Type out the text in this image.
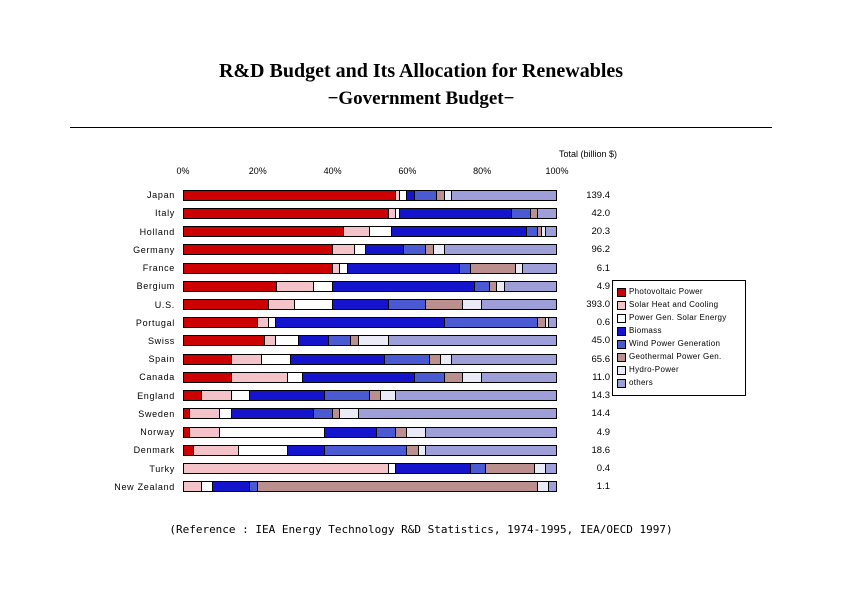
R&D Budget and Its Allocation for Renewables
−Government Budget−
Total (billion $)
0%	20%	40%	60%	80%	100%
Japan
Italy
Holland
Germany
France
Bergium
U.S.
Portugal
Swiss
Spain
Canada
England
Sweden
Norway
Denmark
Turky
New Zealand
139.4
42.0
20.3
96.2
6.1
4.9
393.0
0.6
45.0
65.6
11.0
14.3
14.4
4.9
18.6
0.4
1.1
Photovoltaic Power
Solar Heat and Cooling
Power Gen. Solar Energy
Biomass
Wind Power Generation
Geothermal Power Gen.
Hydro-Power
others
(Reference : IEA Energy Technology R&D Statistics, 1974-1995, IEA/OECD 1997)
